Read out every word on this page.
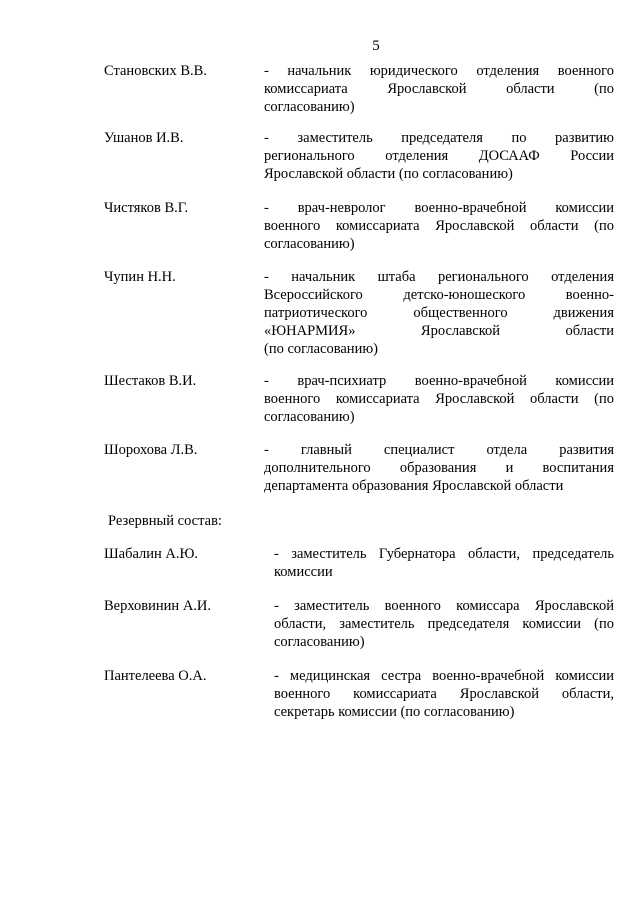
5
Становских В.В.	- начальник юридического отделения военного
комиссариата Ярославской области (по
согласованию)
Ушанов И.В.	- заместитель председателя по развитию
регионального отделения ДОСААФ России
Ярославской области (по согласованию)
Чистяков В.Г.	- врач-невролог военно-врачебной комиссии
военного комиссариата Ярославской области (по
согласованию)
Чупин Н.Н.	- начальник штаба регионального отделения
Всероссийского детско-юношеского военно-
патриотического общественного движения
«ЮНАРМИЯ» Ярославской области
(по согласованию)
Шестаков В.И.	- врач-психиатр военно-врачебной комиссии
военного комиссариата Ярославской области (по
согласованию)
Шорохова Л.В.	- главный специалист отдела развития
дополнительного образования и воспитания
департамента образования Ярославской области
Резервный состав:
Шабалин А.Ю.	- заместитель Губернатора области, председатель
комиссии
Верховинин А.И.	- заместитель военного комиссара Ярославской
области, заместитель председателя комиссии (по
согласованию)
Пантелеева О.А.	- медицинская сестра военно-врачебной комиссии
военного комиссариата Ярославской области,
секретарь комиссии (по согласованию)
